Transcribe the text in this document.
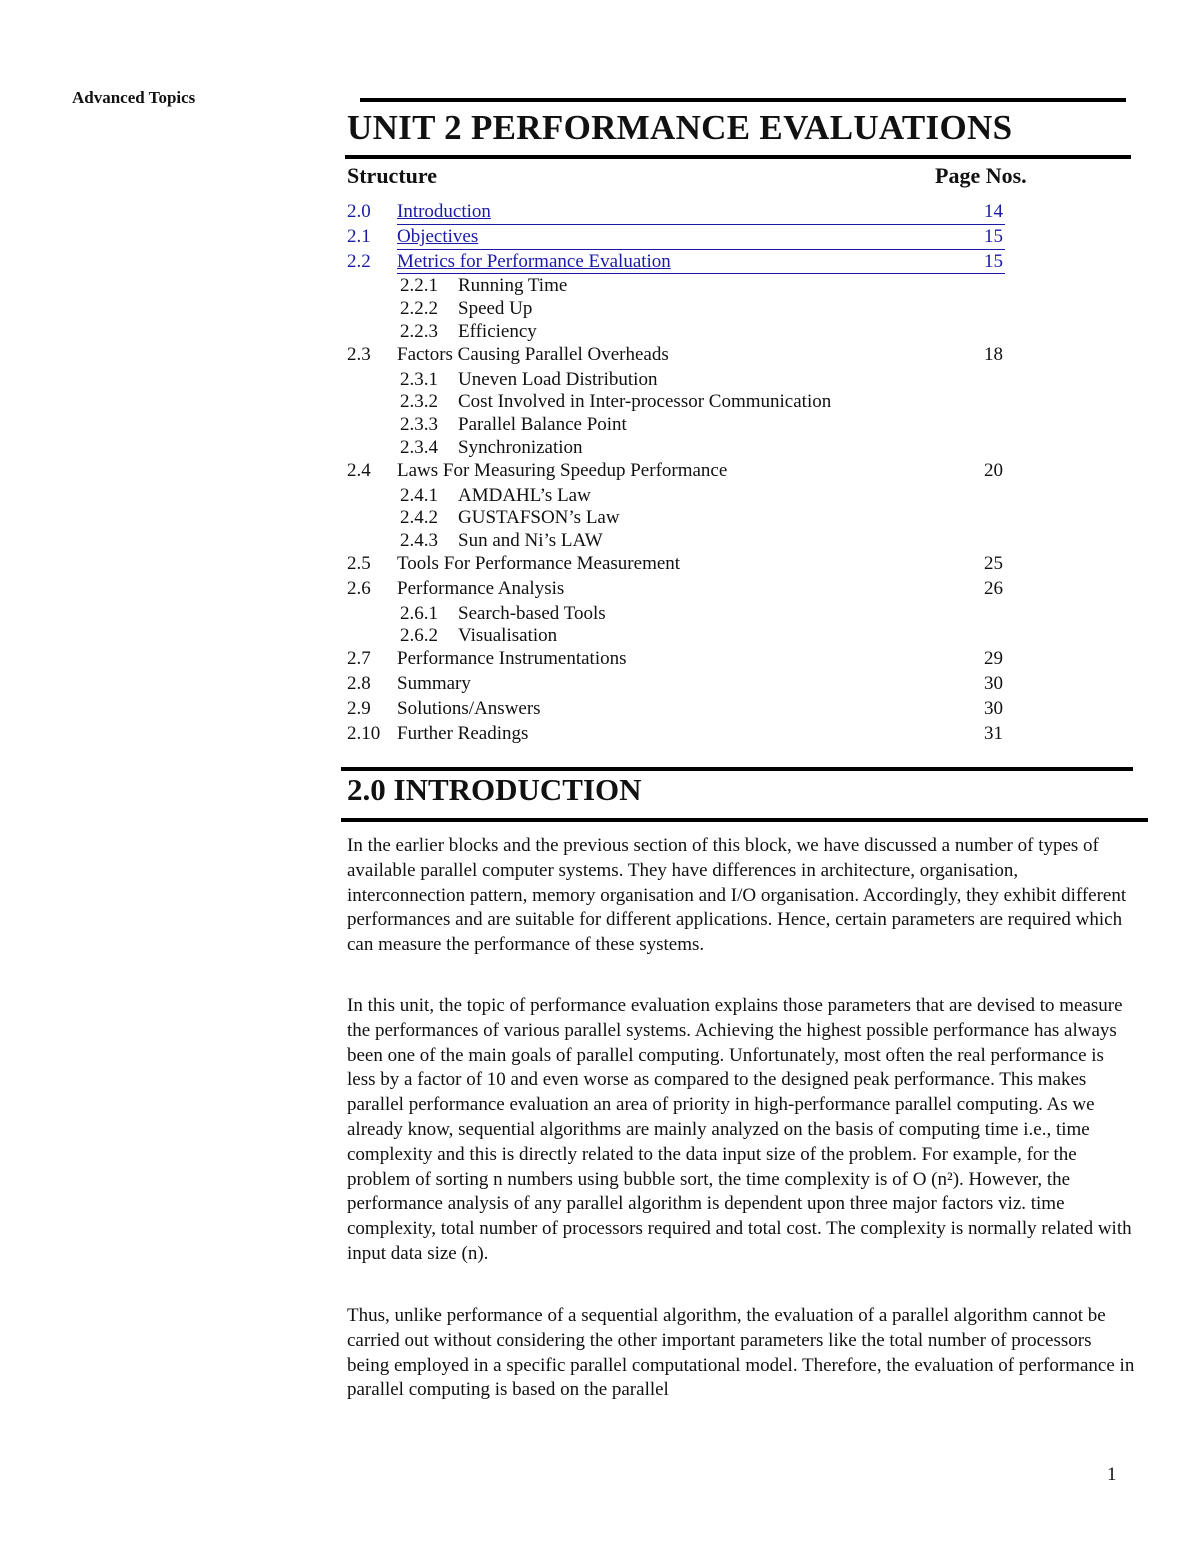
Advanced Topics
UNIT 2 PERFORMANCE EVALUATIONS
Structure	Page Nos.
2.0 Introduction	14
2.1 Objectives	15
2.2 Metrics for Performance Evaluation	15
2.2.1 Running Time
2.2.2 Speed Up
2.2.3 Efficiency
2.3 Factors Causing Parallel Overheads	18
2.3.1 Uneven Load Distribution
2.3.2 Cost Involved in Inter-processor Communication
2.3.3 Parallel Balance Point
2.3.4 Synchronization
2.4 Laws For Measuring Speedup Performance	20
2.4.1 AMDAHL’s Law
2.4.2 GUSTAFSON’s Law
2.4.3 Sun and Ni’s LAW
2.5 Tools For Performance Measurement	25
2.6 Performance Analysis	26
2.6.1 Search-based Tools
2.6.2 Visualisation
2.7 Performance Instrumentations	29
2.8 Summary	30
2.9 Solutions/Answers	30
2.10 Further Readings	31
2.0 INTRODUCTION
In the earlier blocks and the previous section of this block, we have discussed a number of types of available parallel computer systems. They have differences in architecture, organisation, interconnection pattern, memory organisation and I/O organisation. Accordingly, they exhibit different performances and are suitable for different applications. Hence, certain parameters are required which can measure the performance of these systems.
In this unit, the topic of performance evaluation explains those parameters that are devised to measure the performances of various parallel systems. Achieving the highest possible performance has always been one of the main goals of parallel computing. Unfortunately, most often the real performance is less by a factor of 10 and even worse as compared to the designed peak performance. This makes parallel performance evaluation an area of priority in high-performance parallel computing. As we already know, sequential algorithms are mainly analyzed on the basis of computing time i.e., time complexity and this is directly related to the data input size of the problem. For example, for the problem of sorting n numbers using bubble sort, the time complexity is of O (n²). However, the performance analysis of any parallel algorithm is dependent upon three major factors viz. time complexity, total number of processors required and total cost. The complexity is normally related with input data size (n).
Thus, unlike performance of a sequential algorithm, the evaluation of a parallel algorithm cannot be carried out without considering the other important parameters like the total number of processors being employed in a specific parallel computational model. Therefore, the evaluation of performance in parallel computing is based on the parallel
1
